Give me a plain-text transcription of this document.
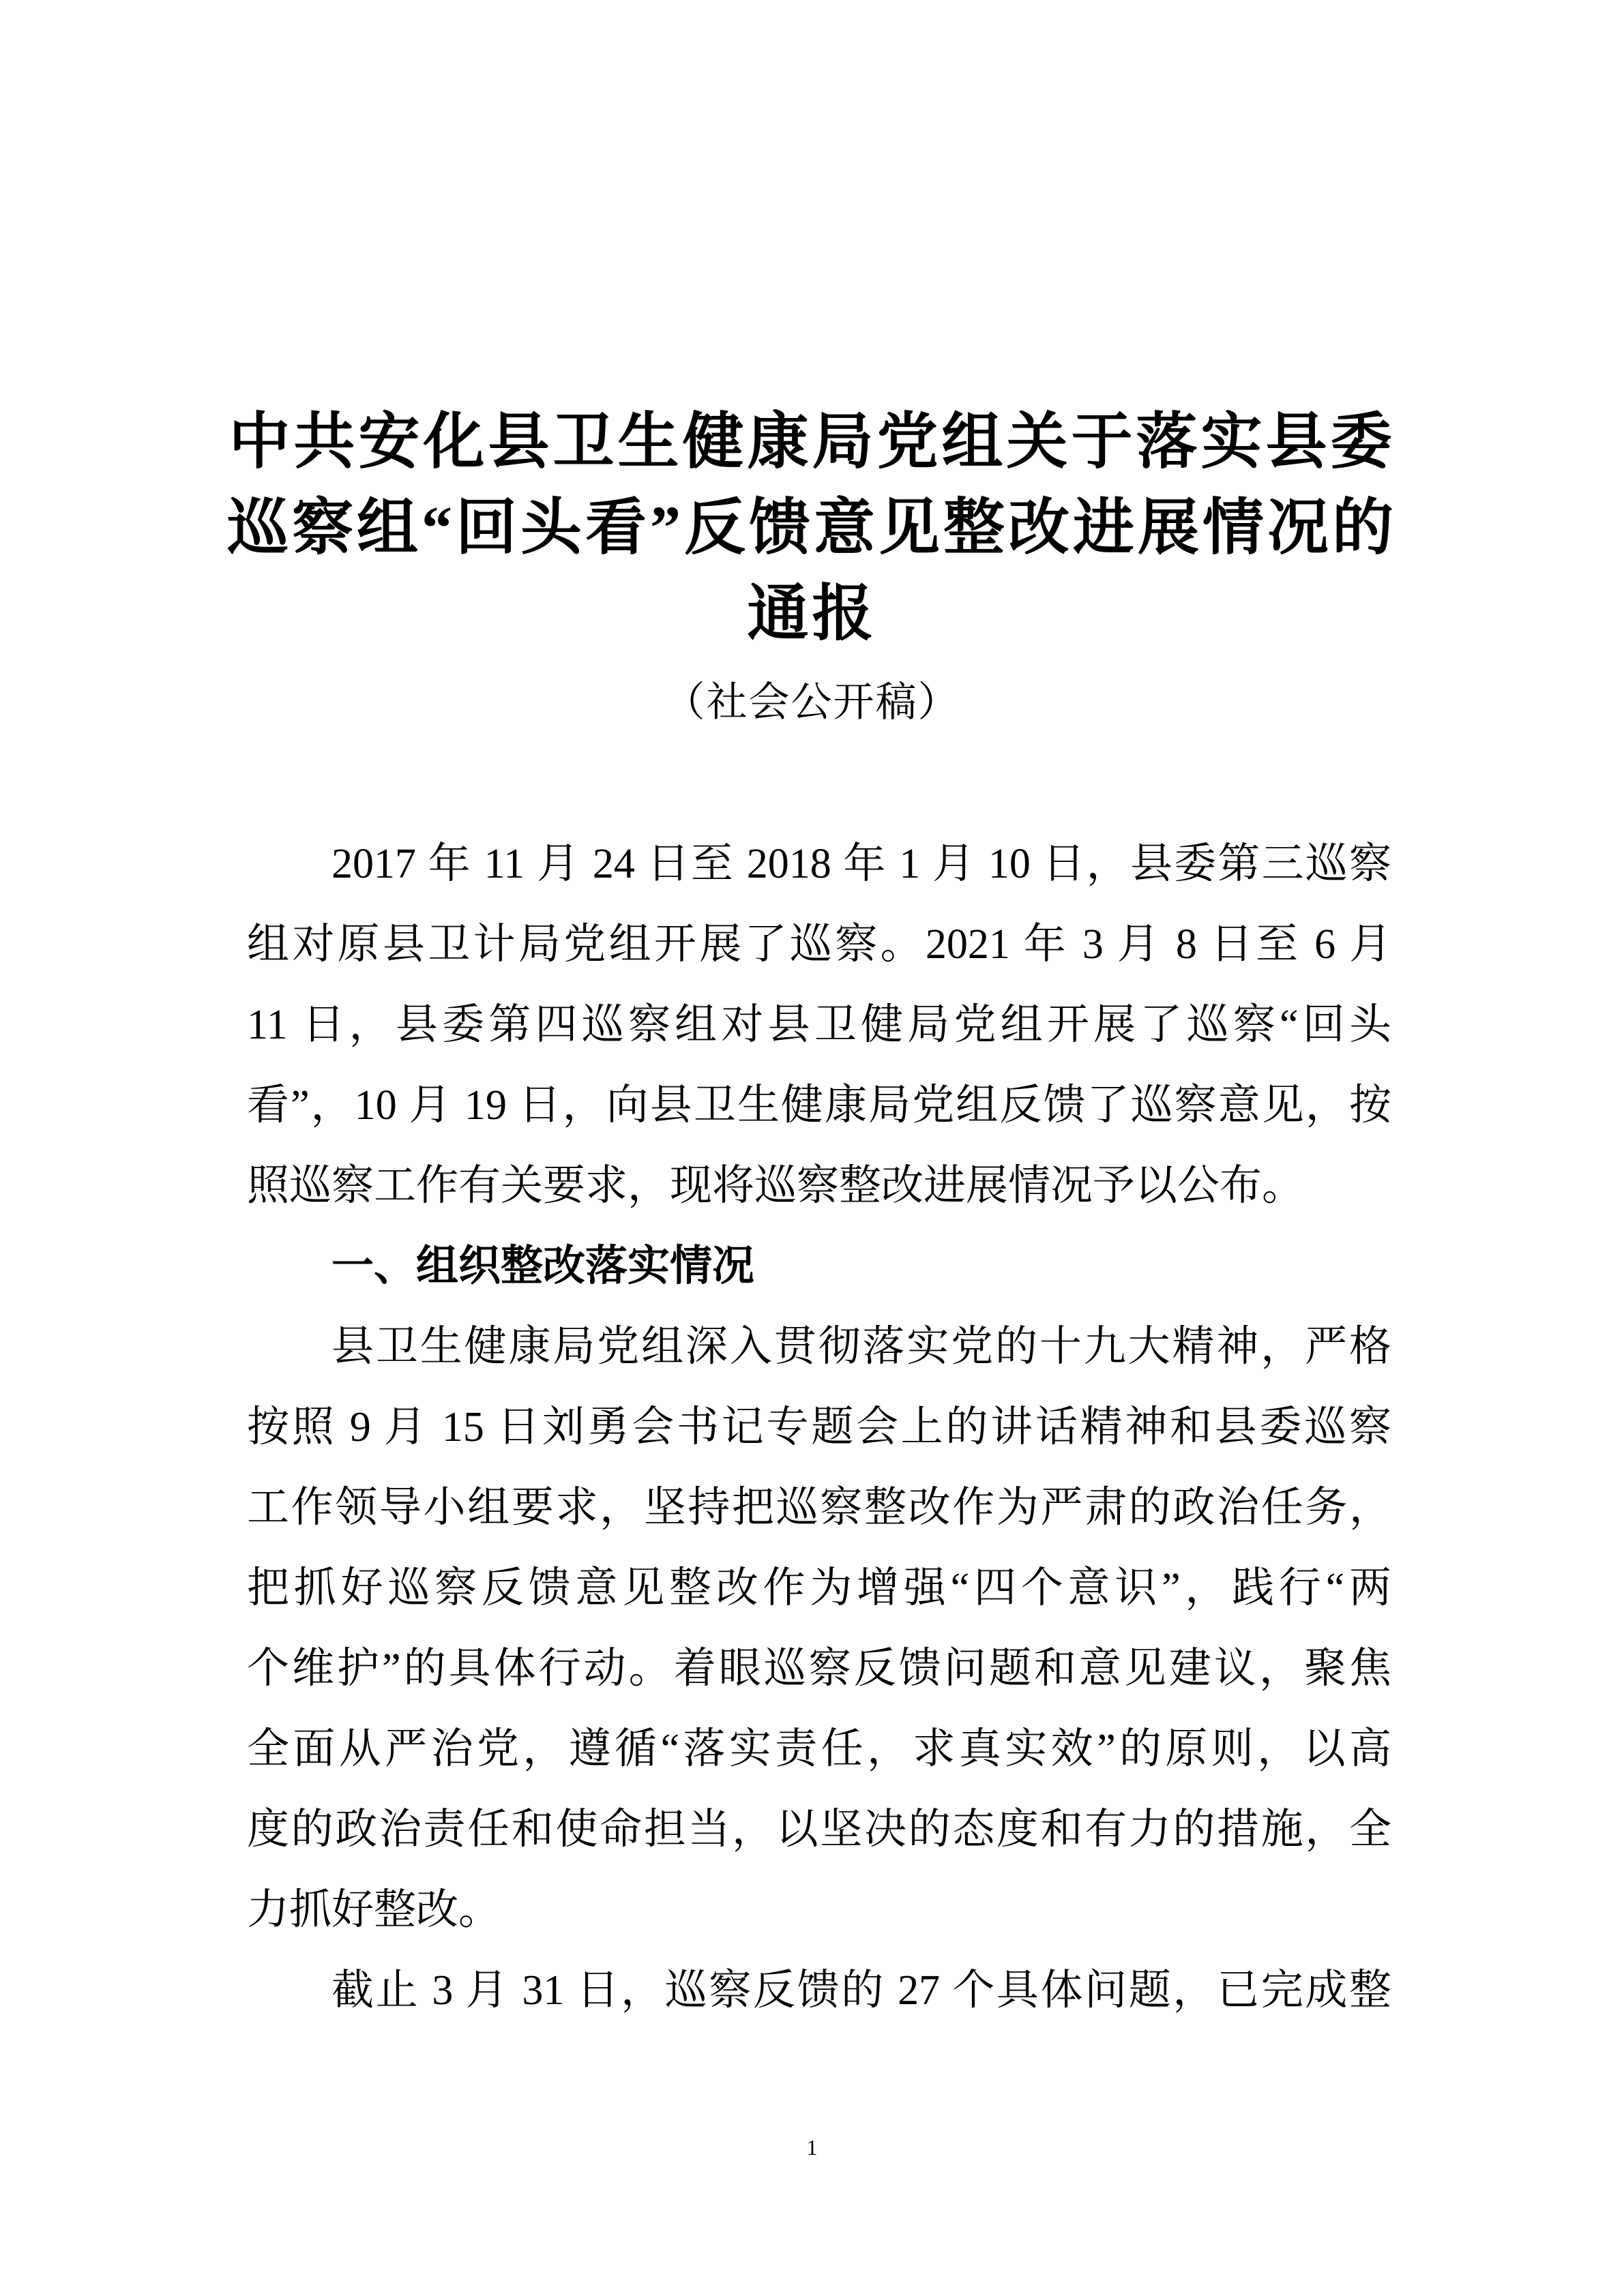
中共安化县卫生健康局党组关于落实县委
巡察组“回头看”反馈意见整改进展情况的
通报
（社会公开稿）
2017 年 11 月 24 日至 2018 年 1 月 10 日，县委第三巡察
组对原县卫计局党组开展了巡察。2021 年 3 月 8 日至 6 月
11 日，县委第四巡察组对县卫健局党组开展了巡察“回头
看”，10 月 19 日，向县卫生健康局党组反馈了巡察意见，按
照巡察工作有关要求，现将巡察整改进展情况予以公布。
一、组织整改落实情况
县卫生健康局党组深入贯彻落实党的十九大精神，严格
按照 9 月 15 日刘勇会书记专题会上的讲话精神和县委巡察
工作领导小组要求，坚持把巡察整改作为严肃的政治任务，
把抓好巡察反馈意见整改作为增强“四个意识”，践行“两
个维护”的具体行动。着眼巡察反馈问题和意见建议，聚焦
全面从严治党，遵循“落实责任，求真实效”的原则，以高
度的政治责任和使命担当，以坚决的态度和有力的措施，全
力抓好整改。
截止 3 月 31 日，巡察反馈的 27 个具体问题，已完成整
1
